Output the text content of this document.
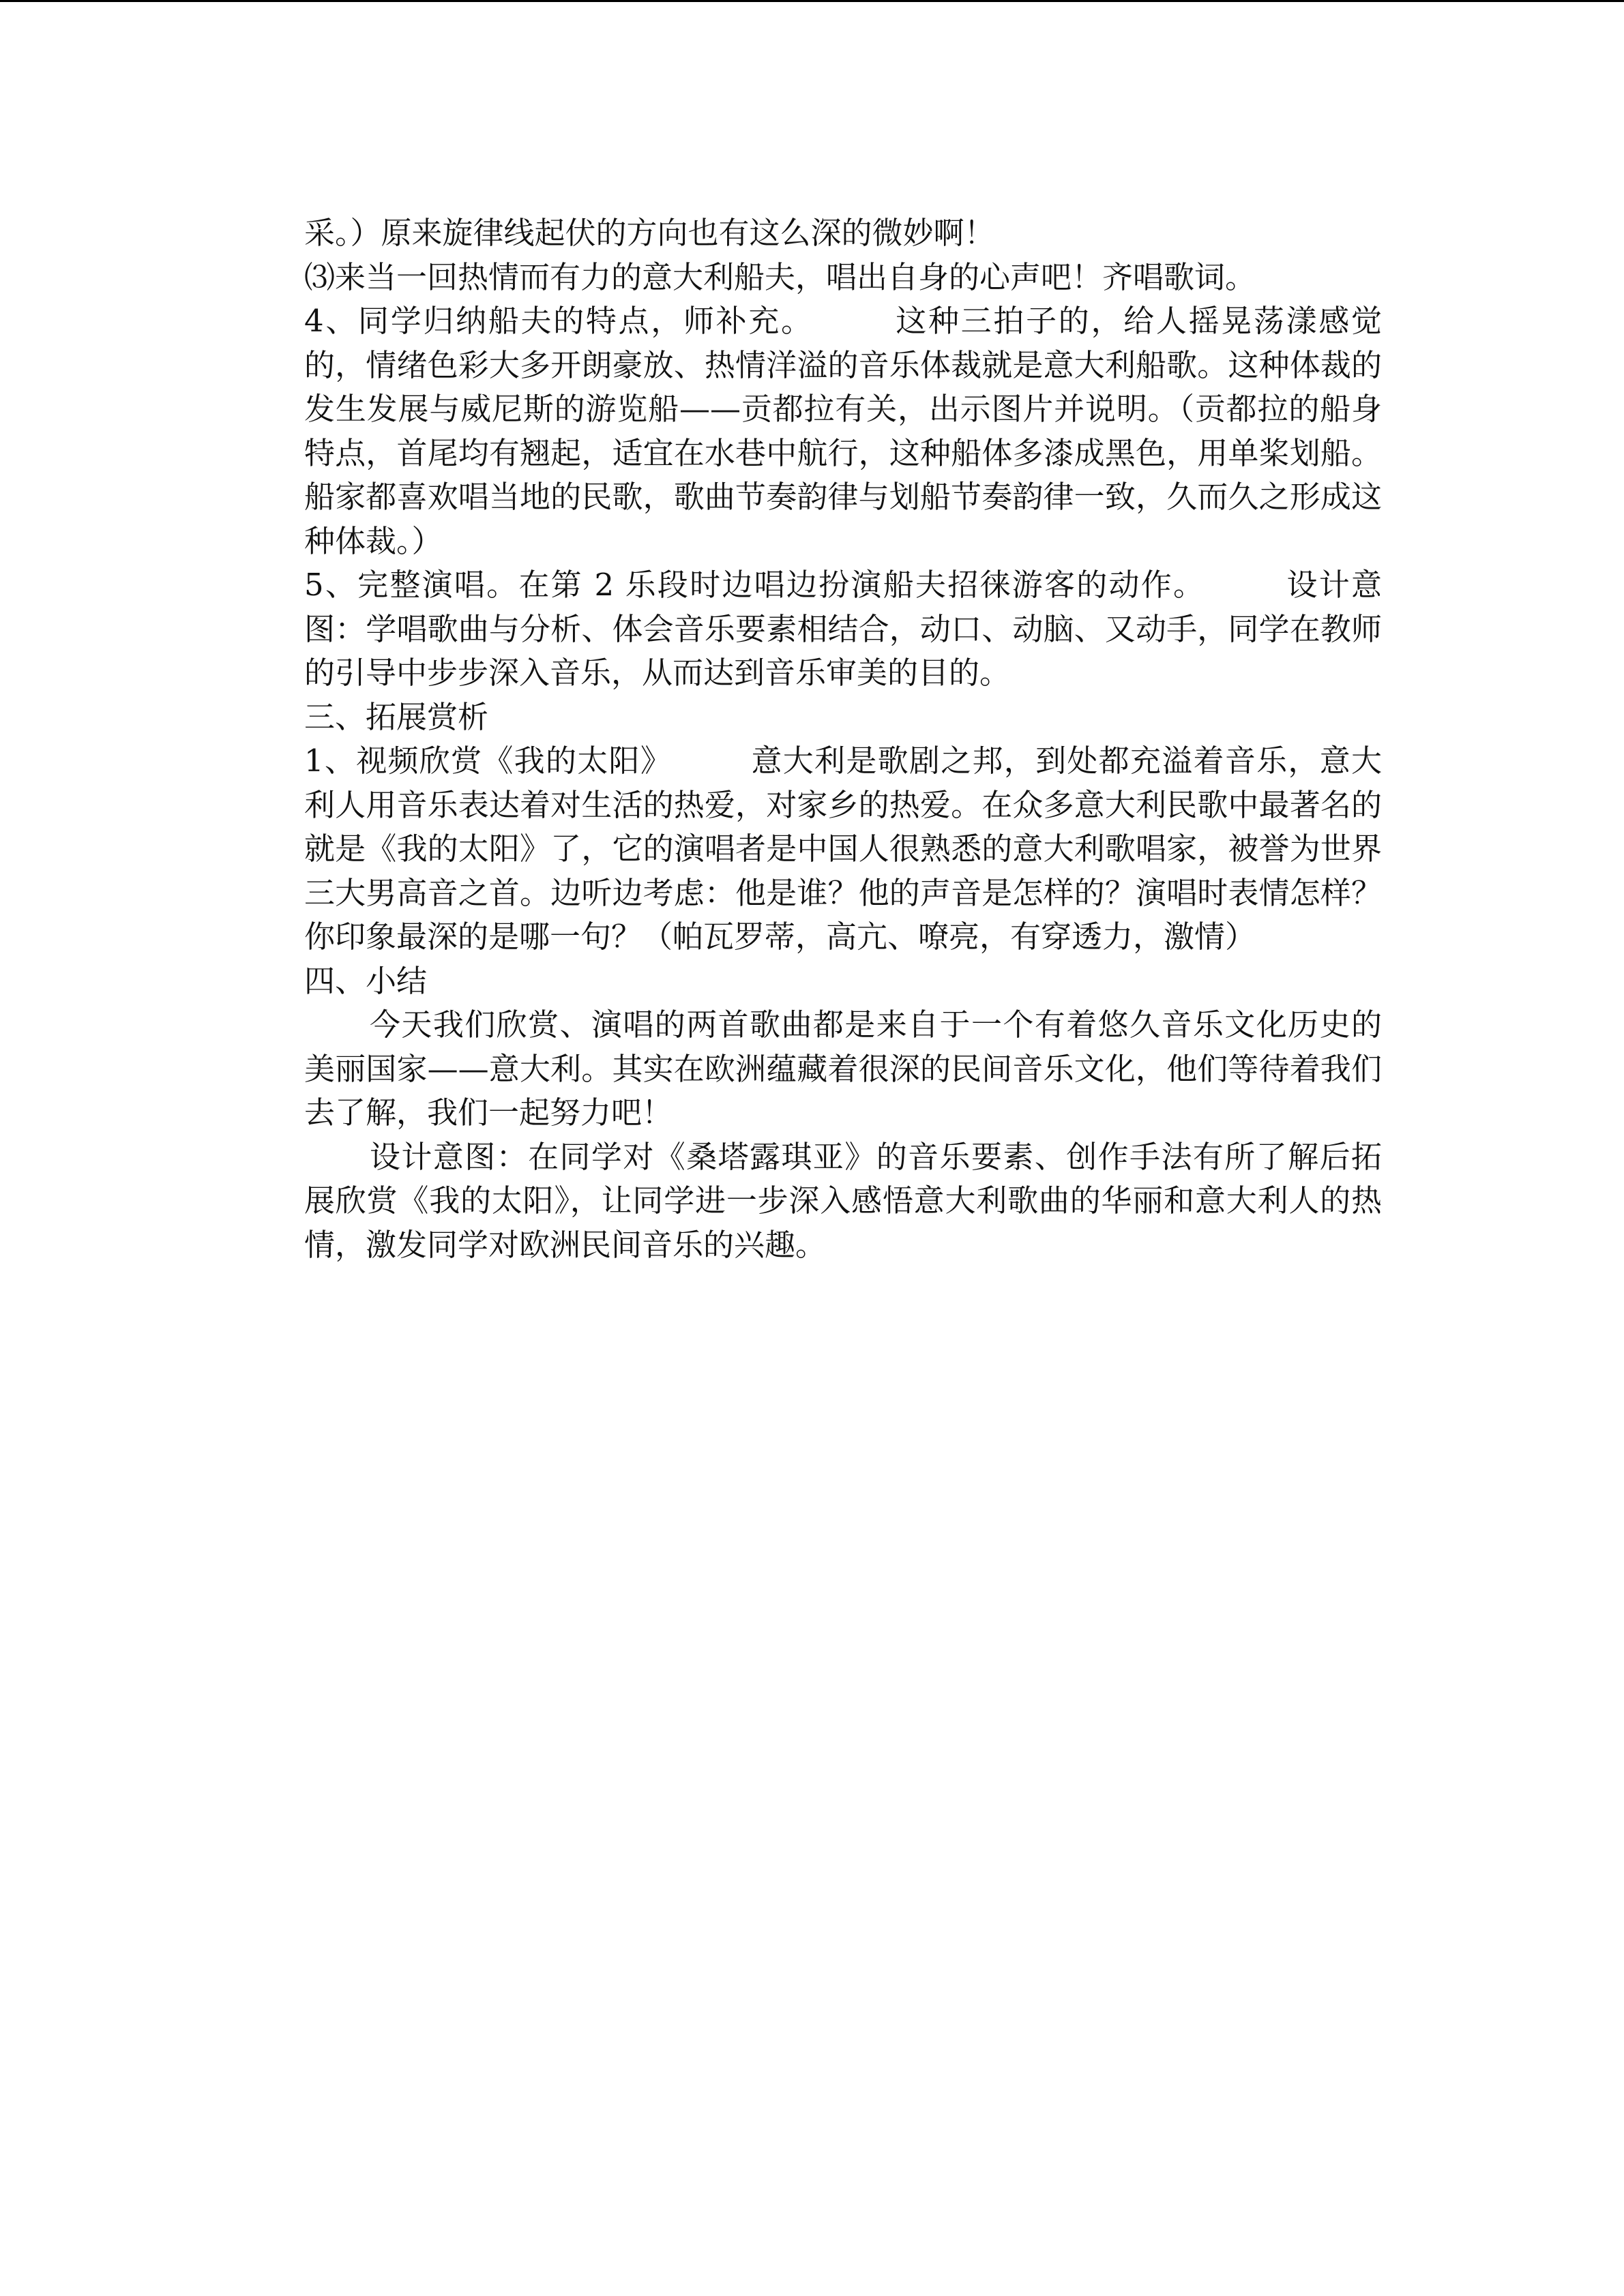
采。）原来旋律线起伏的方向也有这么深的微妙啊！

⑶来当一回热情而有力的意大利船夫，唱出自身的心声吧！齐唱歌词。

4、同学归纳船夫的特点，师补充。　　　这种三拍子的，给人摇晃荡漾感觉的，情绪色彩大多开朗豪放、热情洋溢的音乐体裁就是意大利船歌。这种体裁的发生发展与威尼斯的游览船——贡都拉有关，出示图片并说明。（贡都拉的船身特点，首尾均有翘起，适宜在水巷中航行，这种船体多漆成黑色，用单桨划船。船家都喜欢唱当地的民歌，歌曲节奏韵律与划船节奏韵律一致，久而久之形成这种体裁。）

5、完整演唱。在第 2 乐段时边唱边扮演船夫招徕游客的动作。　　　设计意图：学唱歌曲与分析、体会音乐要素相结合，动口、动脑、又动手，同学在教师的引导中步步深入音乐，从而达到音乐审美的目的。

三、拓展赏析

1、视频欣赏《我的太阳》　　　意大利是歌剧之邦，到处都充溢着音乐，意大利人用音乐表达着对生活的热爱，对家乡的热爱。在众多意大利民歌中最著名的就是《我的太阳》了，它的演唱者是中国人很熟悉的意大利歌唱家，被誉为世界三大男高音之首。边听边考虑：他是谁？他的声音是怎样的？演唱时表情怎样？你印象最深的是哪一句？（帕瓦罗蒂，高亢、嘹亮，有穿透力，激情）

四、小结

今天我们欣赏、演唱的两首歌曲都是来自于一个有着悠久音乐文化历史的美丽国家——意大利。其实在欧洲蕴藏着很深的民间音乐文化，他们等待着我们去了解，我们一起努力吧！

设计意图：在同学对《桑塔露琪亚》的音乐要素、创作手法有所了解后拓展欣赏《我的太阳》，让同学进一步深入感悟意大利歌曲的华丽和意大利人的热情，激发同学对欧洲民间音乐的兴趣。
